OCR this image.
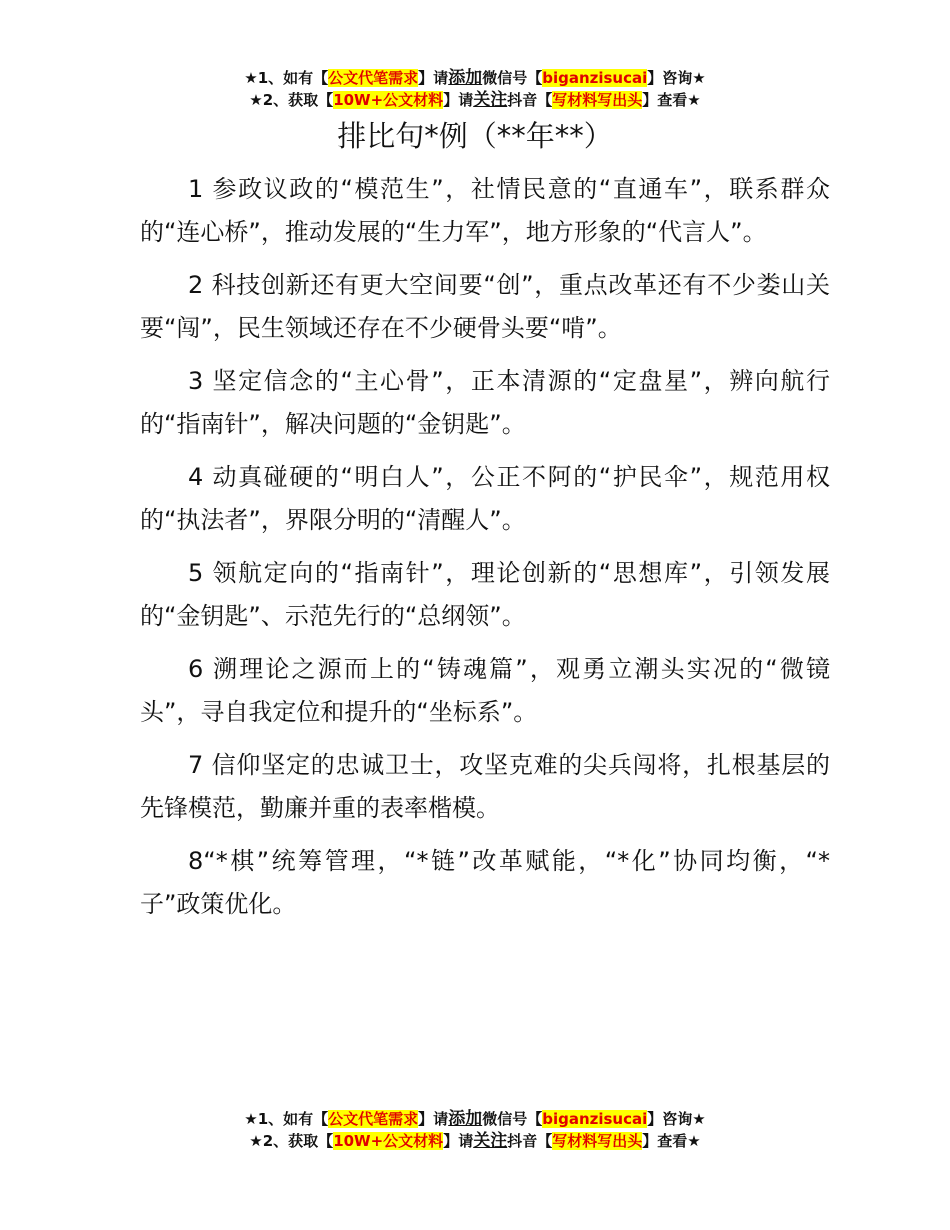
★1、如有【公文代笔需求】请添加微信号【biganzisucai】咨询★
★2、获取【10W+公文材料】请关注抖音【写材料写出头】查看★
排比句*例（**年**）

1 参政议政的“模范生”，社情民意的“直通车”，联系群众的“连心桥”，推动发展的“生力军”，地方形象的“代言人”。

2 科技创新还有更大空间要“创”，重点改革还有不少娄山关要“闯”，民生领域还存在不少硬骨头要“啃”。

3 坚定信念的“主心骨”，正本清源的“定盘星”，辨向航行的“指南针”，解决问题的“金钥匙”。

4 动真碰硬的“明白人”，公正不阿的“护民伞”，规范用权的“执法者”，界限分明的“清醒人”。

5 领航定向的“指南针”，理论创新的“思想库”，引领发展的“金钥匙”、示范先行的“总纲领”。

6 溯理论之源而上的“铸魂篇”，观勇立潮头实况的“微镜头”，寻自我定位和提升的“坐标系”。

7 信仰坚定的忠诚卫士，攻坚克难的尖兵闯将，扎根基层的先锋模范，勤廉并重的表率楷模。

8“*棋”统筹管理，“*链”改革赋能，“*化”协同均衡，“*子”政策优化。

★1、如有【公文代笔需求】请添加微信号【biganzisucai】咨询★
★2、获取【10W+公文材料】请关注抖音【写材料写出头】查看★
